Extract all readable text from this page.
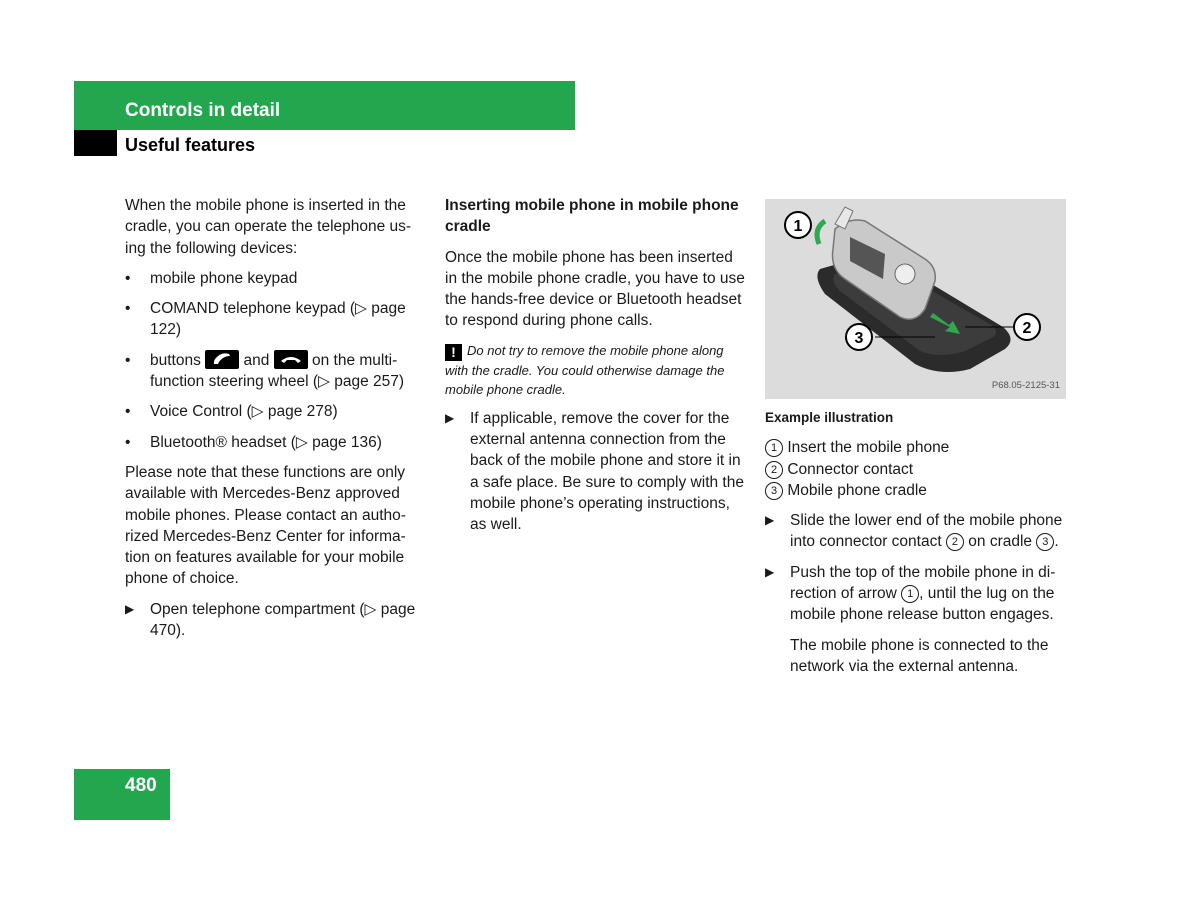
Controls in detail
Useful features

When the mobile phone is inserted in the cradle, you can operate the telephone us-ing the following devices:

• mobile phone keypad
• COMAND telephone keypad (▷ page 122)
• buttons	and	on the multi-function steering wheel (▷ page 257)
• Voice Control (▷ page 278)
• Bluetooth® headset (▷ page 136)

Please note that these functions are only available with Mercedes-Benz approved mobile phones. Please contact an autho-rized Mercedes-Benz Center for informa-tion on features available for your mobile phone of choice.

▶ Open telephone compartment (▷ page 470).

Inserting mobile phone in mobile phone cradle

Once the mobile phone has been inserted in the mobile phone cradle, you have to use the hands-free device or Bluetooth headset to respond during phone calls.

! Do not try to remove the mobile phone along with the cradle. You could otherwise damage the mobile phone cradle.

▶ If applicable, remove the cover for the external antenna connection from the back of the mobile phone and store it in a safe place. Be sure to comply with the mobile phone’s operating instructions, as well.
1
2
3
P68.05-2125-31

Example illustration

1 Insert the mobile phone
2 Connector contact
3 Mobile phone cradle
▶ Slide the lower end of the mobile phone into connector contact 2 on cradle 3 .
▶ Push the top of the mobile phone in di-rection of arrow 1 , until the lug on the mobile phone release button engages.

The mobile phone is connected to the network via the external antenna.

480
